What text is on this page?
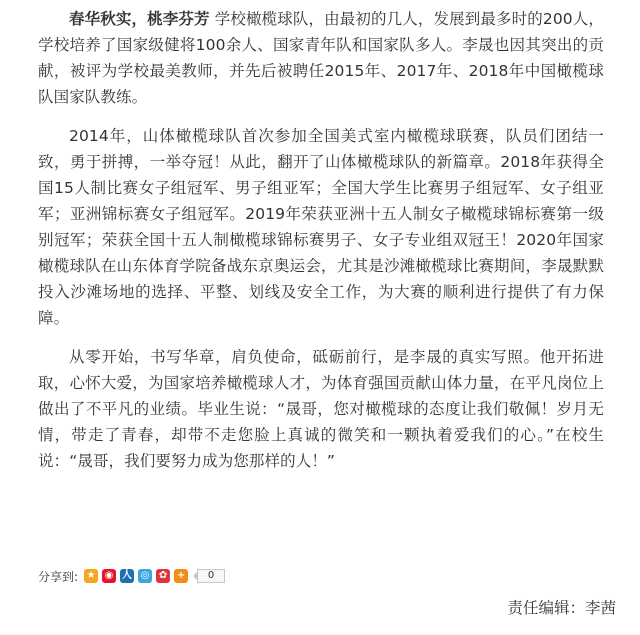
春华秋实，桃李芬芳 学校橄榄球队，由最初的几人，发展到最多时的200人，学校培养了国家级健将100余人、国家青年队和国家队多人。李晟也因其突出的贡献，被评为学校最美教师，并先后被聘任2015年、2017年、2018年中国橄榄球队国家队教练。

2014年，山体橄榄球队首次参加全国美式室内橄榄球联赛，队员们团结一致，勇于拼搏，一举夺冠！从此，翻开了山体橄榄球队的新篇章。2018年获得全国15人制比赛女子组冠军、男子组亚军；全国大学生比赛男子组冠军、女子组亚军；亚洲锦标赛女子组冠军。2019年荣获亚洲十五人制女子橄榄球锦标赛第一级别冠军；荣获全国十五人制橄榄球锦标赛男子、女子专业组双冠王！2020年国家橄榄球队在山东体育学院备战东京奥运会，尤其是沙滩橄榄球比赛期间，李晟默默投入沙滩场地的选择、平整、划线及安全工作，为大赛的顺利进行提供了有力保障。

从零开始，书写华章，肩负使命，砥砺前行，是李晟的真实写照。他开拓进取，心怀大爱，为国家培养橄榄球人才，为体育强国贡献山体力量，在平凡岗位上做出了不平凡的业绩。毕业生说：“晟哥，您对橄榄球的态度让我们敬佩！岁月无情，带走了青春，却带不走您脸上真诚的微笑和一颗执着爱我们的心。”在校生说：“晟哥，我们要努力成为您那样的人！”

分享到: ★ ◉ 人 ◎ ✿ +	0
责任编辑：李茜
